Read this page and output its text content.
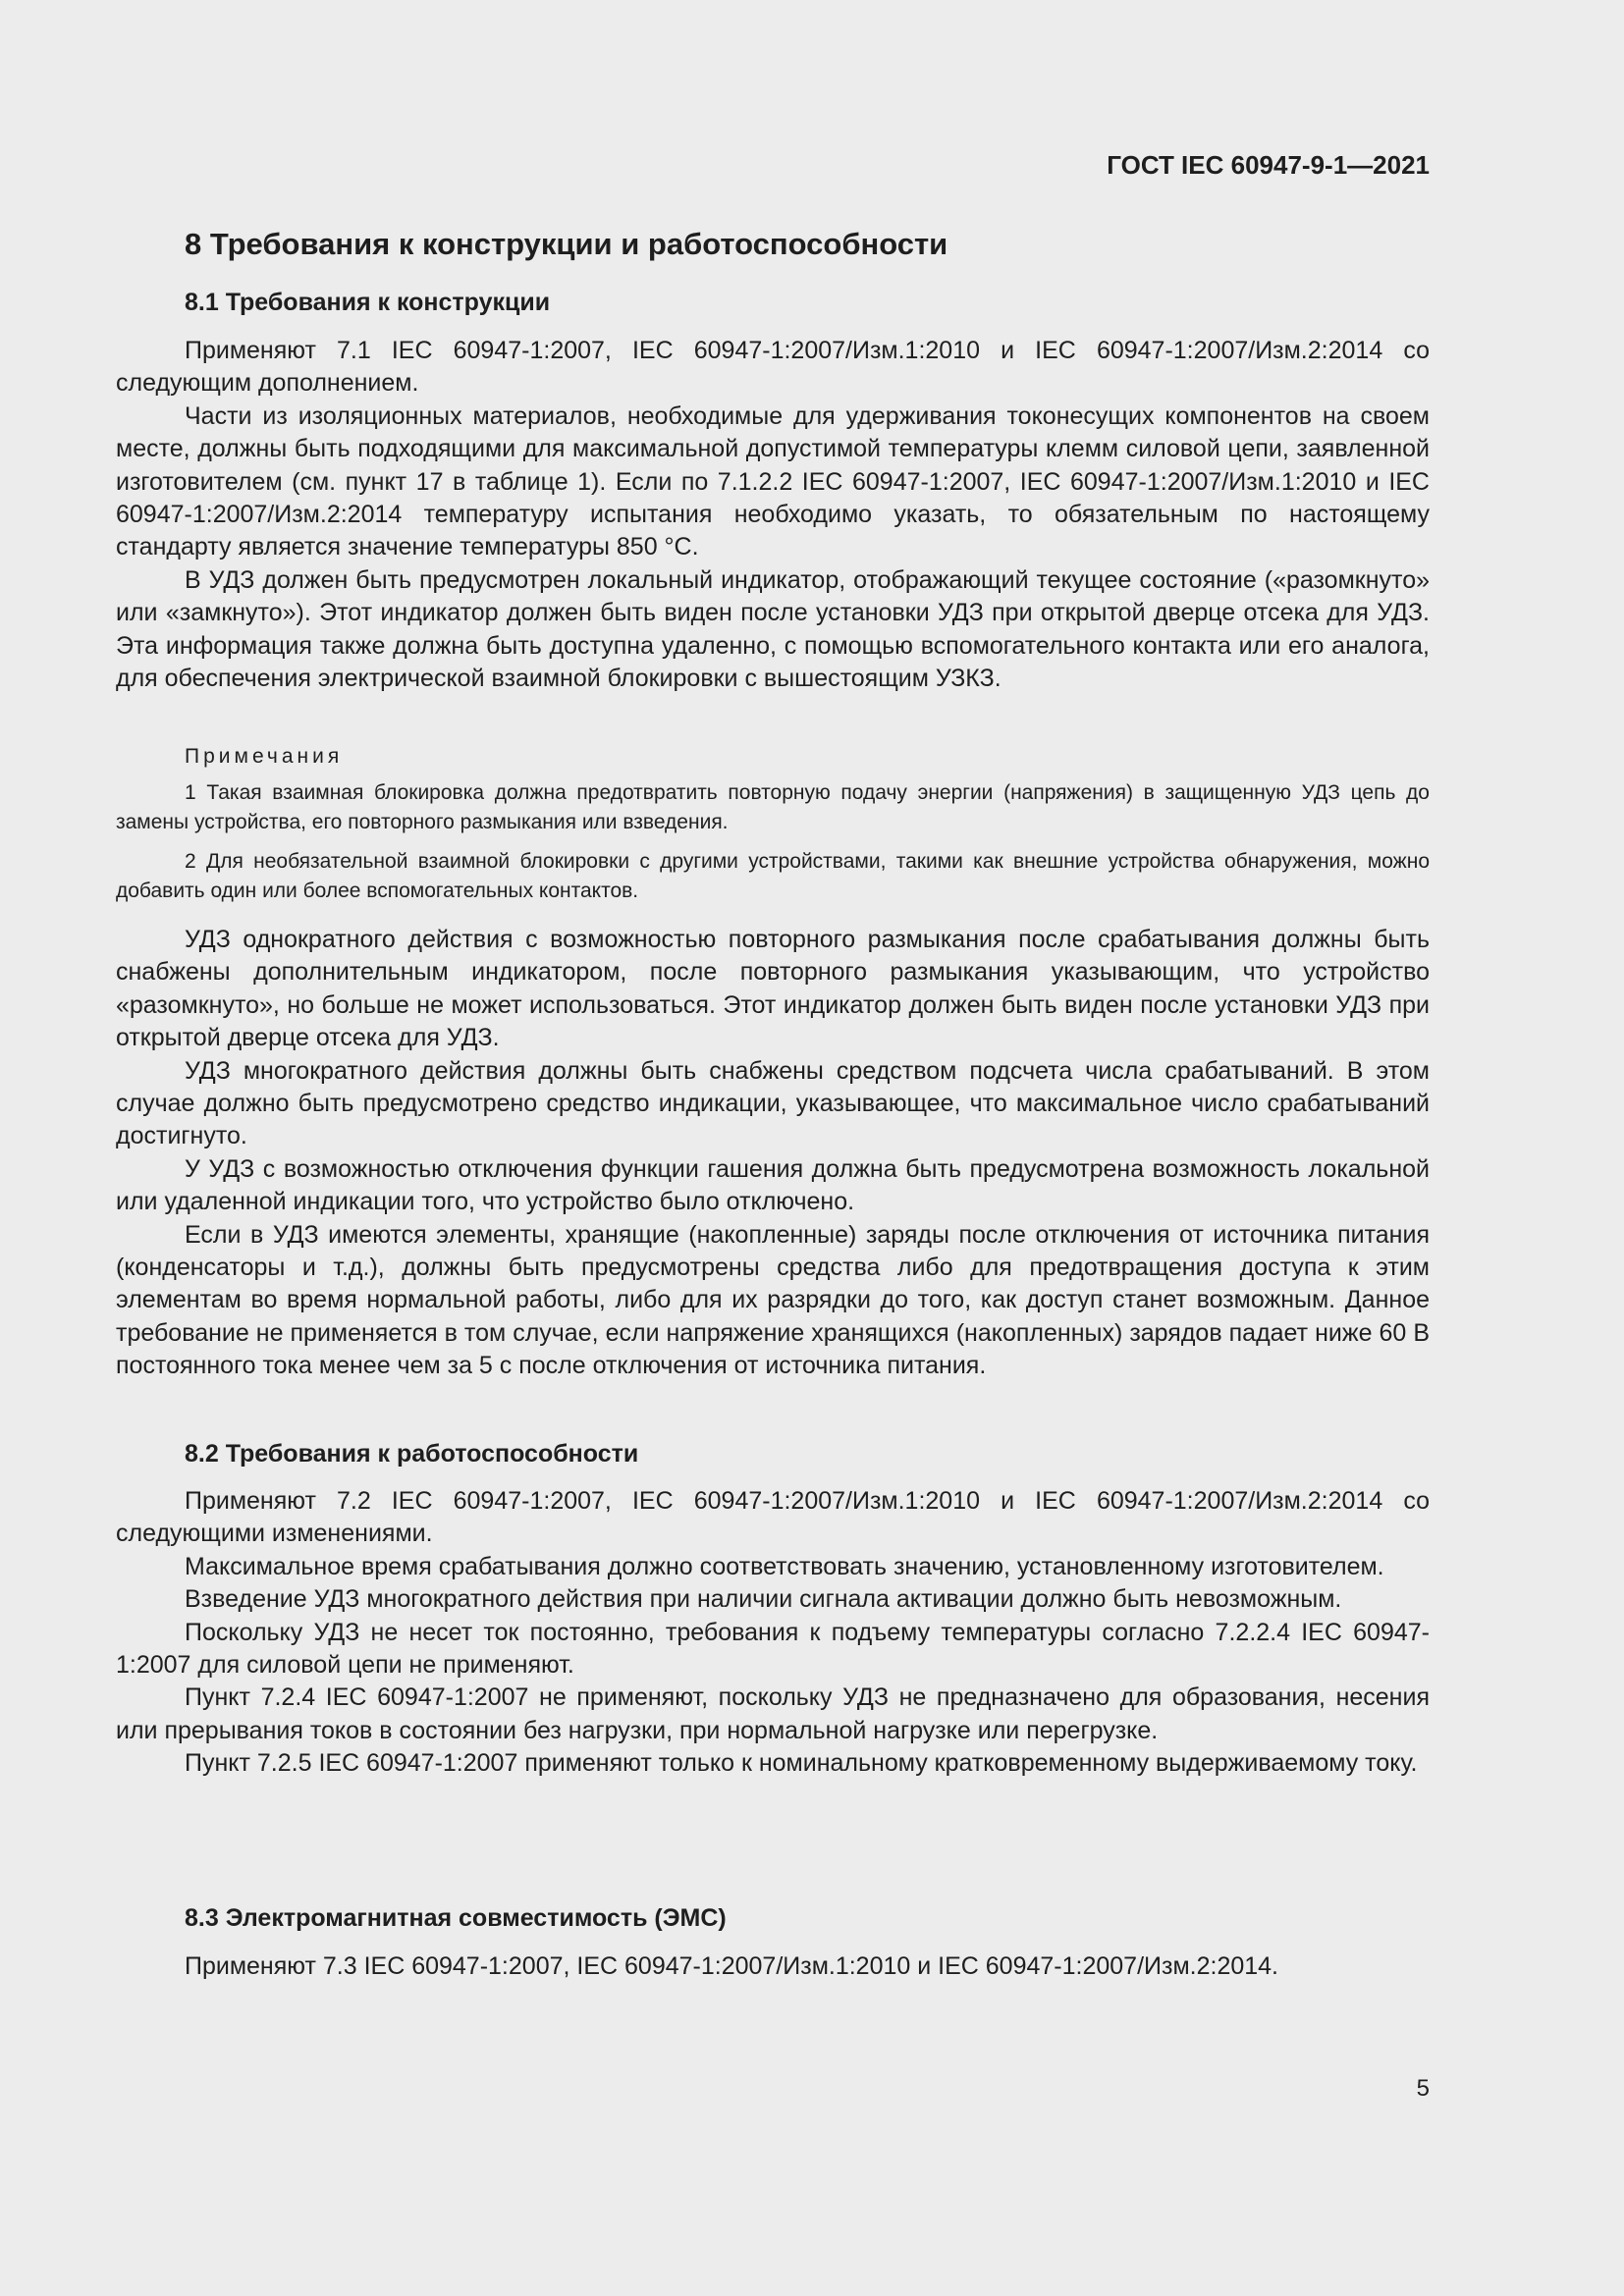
ГОСТ IEC 60947-9-1—2021
8 Требования к конструкции и работоспособности
8.1 Требования к конструкции

Применяют 7.1 IEC 60947-1:2007, IEC 60947-1:2007/Изм.1:2010 и IEC 60947-1:2007/Изм.2:2014 со следующим дополнением.

Части из изоляционных материалов, необходимые для удерживания токонесущих компонентов на своем месте, должны быть подходящими для максимальной допустимой температуры клемм силовой цепи, заявленной изготовителем (см. пункт 17 в таблице 1). Если по 7.1.2.2 IEC 60947-1:2007, IEC 60947-1:2007/Изм.1:2010 и IEC 60947-1:2007/Изм.2:2014 температуру испытания необходимо указать, то обязательным по настоящему стандарту является значение температуры 850 °С.

В УДЗ должен быть предусмотрен локальный индикатор, отображающий текущее состояние («разомкнуто» или «замкнуто»). Этот индикатор должен быть виден после установки УДЗ при открытой дверце отсека для УДЗ. Эта информация также должна быть доступна удаленно, с помощью вспомогательного контакта или его аналога, для обеспечения электрической взаимной блокировки с вышестоящим УЗКЗ.

Примечания

1 Такая взаимная блокировка должна предотвратить повторную подачу энергии (напряжения) в защищенную УДЗ цепь до замены устройства, его повторного размыкания или взведения.

2 Для необязательной взаимной блокировки с другими устройствами, такими как внешние устройства обнаружения, можно добавить один или более вспомогательных контактов.

УДЗ однократного действия с возможностью повторного размыкания после срабатывания должны быть снабжены дополнительным индикатором, после повторного размыкания указывающим, что устройство «разомкнуто», но больше не может использоваться. Этот индикатор должен быть виден после установки УДЗ при открытой дверце отсека для УДЗ.

УДЗ многократного действия должны быть снабжены средством подсчета числа срабатываний. В этом случае должно быть предусмотрено средство индикации, указывающее, что максимальное число срабатываний достигнуто.

У УДЗ с возможностью отключения функции гашения должна быть предусмотрена возможность локальной или удаленной индикации того, что устройство было отключено.

Если в УДЗ имеются элементы, хранящие (накопленные) заряды после отключения от источника питания (конденсаторы и т.д.), должны быть предусмотрены средства либо для предотвращения доступа к этим элементам во время нормальной работы, либо для их разрядки до того, как доступ станет возможным. Данное требование не применяется в том случае, если напряжение хранящихся (накопленных) зарядов падает ниже 60 В постоянного тока менее чем за 5 с после отключения от источника питания.

8.2 Требования к работоспособности

Применяют 7.2 IEC 60947-1:2007, IEC 60947-1:2007/Изм.1:2010 и IEC 60947-1:2007/Изм.2:2014 со следующими изменениями.

Максимальное время срабатывания должно соответствовать значению, установленному изготовителем.

Взведение УДЗ многократного действия при наличии сигнала активации должно быть невозможным.

Поскольку УДЗ не несет ток постоянно, требования к подъему температуры согласно 7.2.2.4 IEC 60947-1:2007 для силовой цепи не применяют.

Пункт 7.2.4 IEC 60947-1:2007 не применяют, поскольку УДЗ не предназначено для образования, несения или прерывания токов в состоянии без нагрузки, при нормальной нагрузке или перегрузке.

Пункт 7.2.5 IEC 60947-1:2007 применяют только к номинальному кратковременному выдерживаемому току.

8.3 Электромагнитная совместимость (ЭМС)

Применяют 7.3 IEC 60947-1:2007, IEC 60947-1:2007/Изм.1:2010 и IEC 60947-1:2007/Изм.2:2014.

5
